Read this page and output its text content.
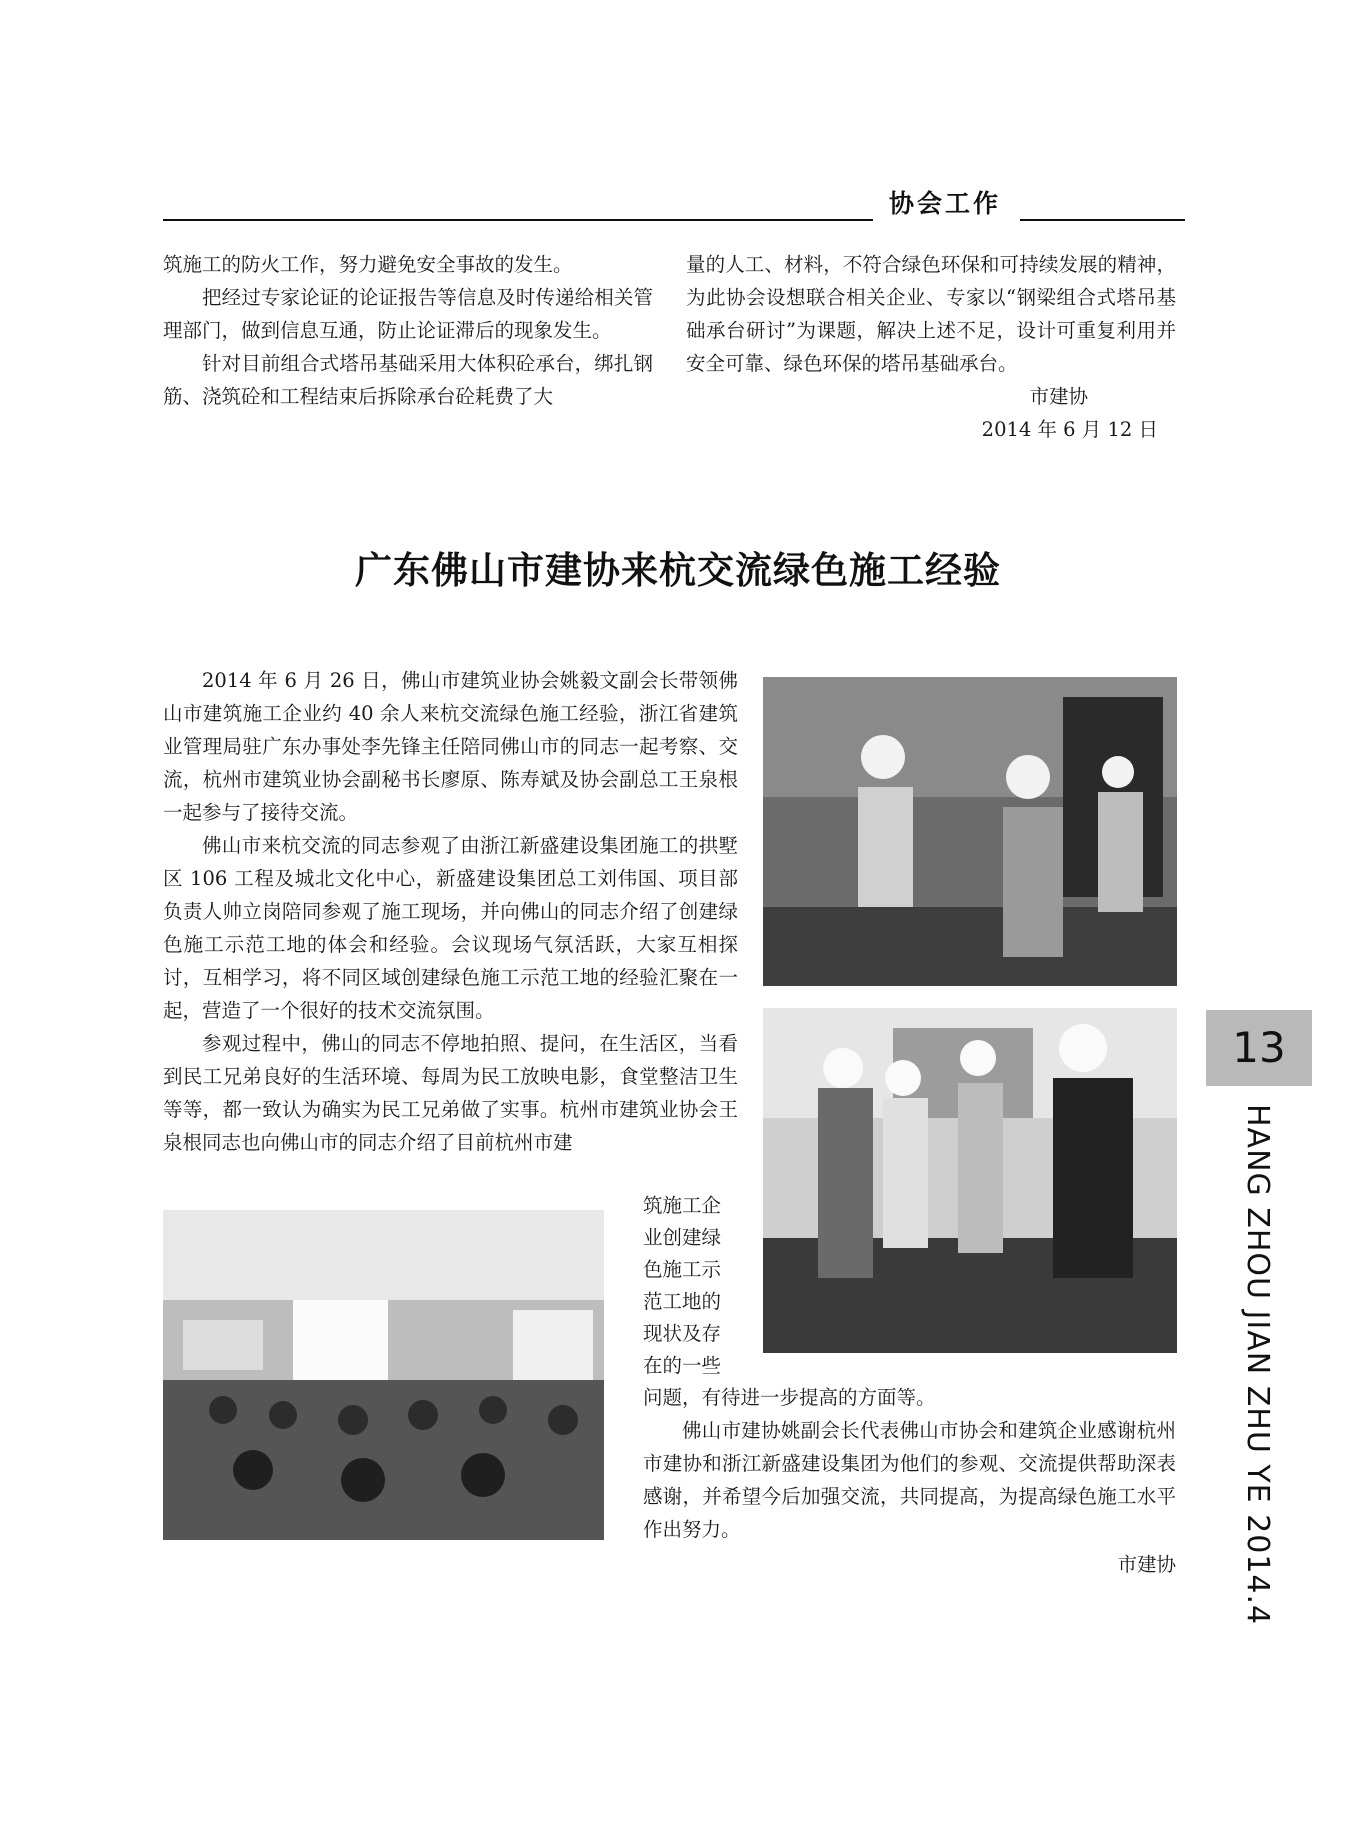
协会工作

筑施工的防火工作，努力避免安全事故的发生。

把经过专家论证的论证报告等信息及时传递给相关管理部门，做到信息互通，防止论证滞后的现象发生。

针对目前组合式塔吊基础采用大体积砼承台，绑扎钢筋、浇筑砼和工程结束后拆除承台砼耗费了大

量的人工、材料，不符合绿色环保和可持续发展的精神，为此协会设想联合相关企业、专家以“钢梁组合式塔吊基础承台研讨”为课题，解决上述不足，设计可重复利用并安全可靠、绿色环保的塔吊基础承台。

市建协

2014 年 6 月 12 日

广东佛山市建协来杭交流绿色施工经验

2014 年 6 月 26 日，佛山市建筑业协会姚毅文副会长带领佛山市建筑施工企业约 40 余人来杭交流绿色施工经验，浙江省建筑业管理局驻广东办事处李先锋主任陪同佛山市的同志一起考察、交流，杭州市建筑业协会副秘书长廖原、陈寿斌及协会副总工王泉根一起参与了接待交流。

佛山市来杭交流的同志参观了由浙江新盛建设集团施工的拱墅区 106 工程及城北文化中心，新盛建设集团总工刘伟国、项目部负责人帅立岗陪同参观了施工现场，并向佛山的同志介绍了创建绿色施工示范工地的体会和经验。会议现场气氛活跃，大家互相探讨，互相学习，将不同区域创建绿色施工示范工地的经验汇聚在一起，营造了一个很好的技术交流氛围。

参观过程中，佛山的同志不停地拍照、提问，在生活区，当看到民工兄弟良好的生活环境、每周为民工放映电影，食堂整洁卫生等等，都一致认为确实为民工兄弟做了实事。杭州市建筑业协会王泉根同志也向佛山市的同志介绍了目前杭州市建

筑施工企业创建绿色施工示范工地的现状及存在的一些

问题，有待进一步提高的方面等。

佛山市建协姚副会长代表佛山市协会和建筑企业感谢杭州市建协和浙江新盛建设集团为他们的参观、交流提供帮助深表感谢，并希望今后加强交流，共同提高，为提高绿色施工水平作出努力。

市建协
13
HANG ZHOU JIAN ZHU YE 2014.4
